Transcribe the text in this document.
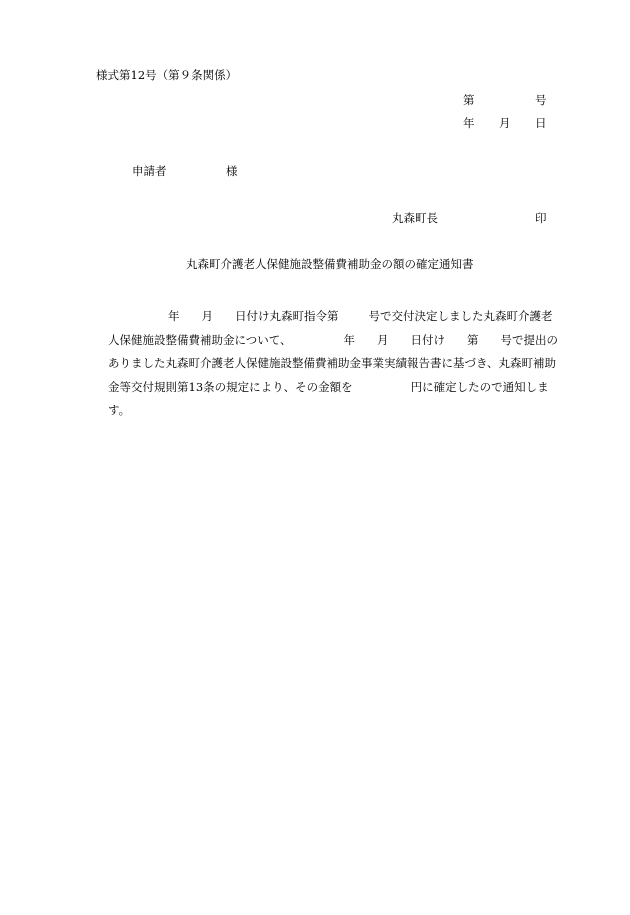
様式第12号（第９条関係）
第	号
年 月 日
申請者	様
丸森町長	印
丸森町介護老人保健施設整備費補助金の額の確定通知書
年 月 日付け丸森町指令第	号で交付決定しました丸森町介護老
人保健施設整備費補助金について、	年 月 日付け 第 号で提出の
ありました丸森町介護老人保健施設整備費補助金事業実績報告書に基づき、丸森町補助
金等交付規則第13条の規定により、その金額を	円に確定したので通知しま
す。
